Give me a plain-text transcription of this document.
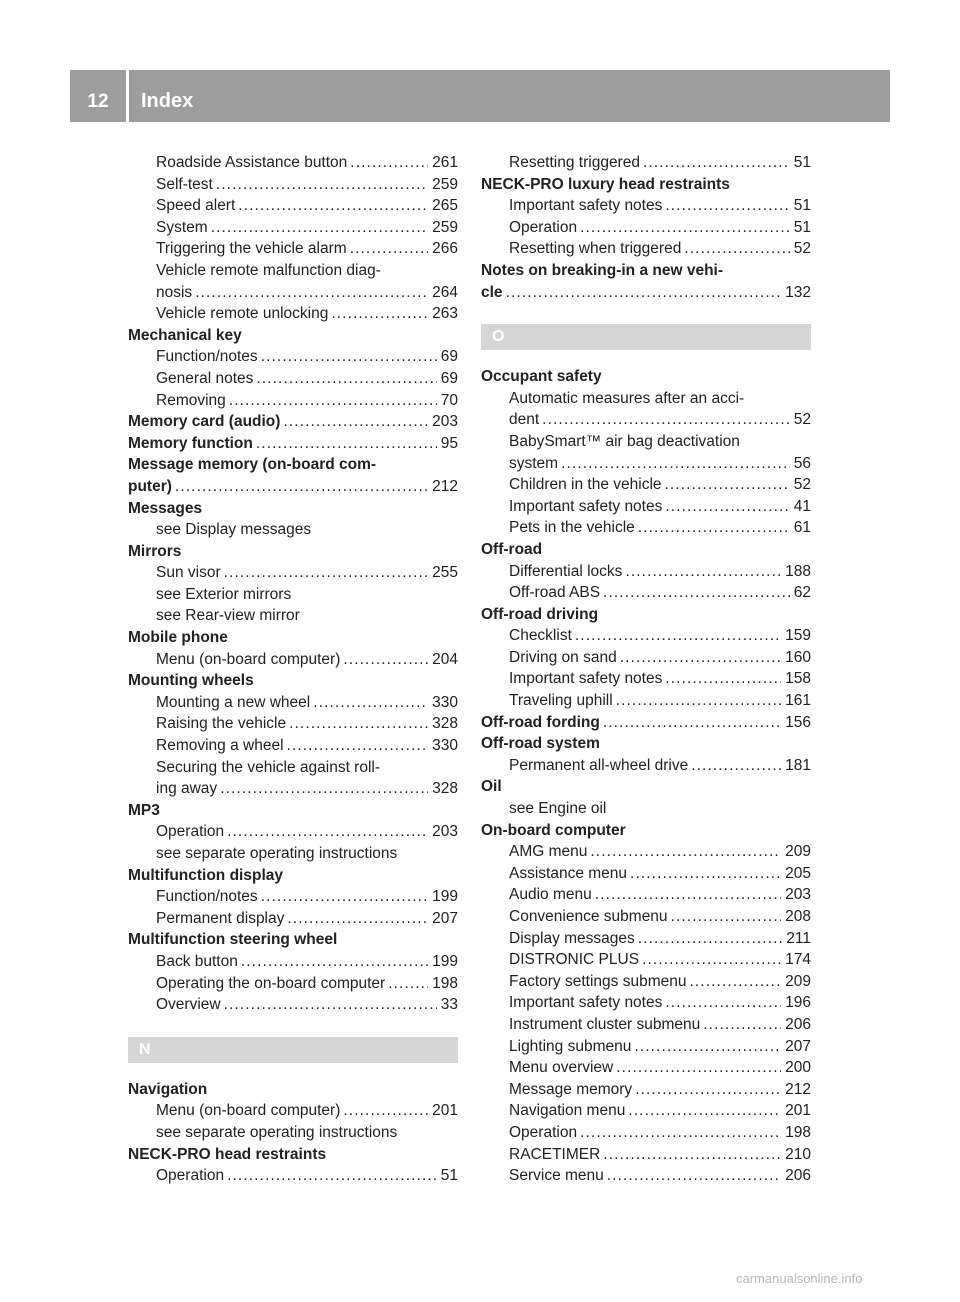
12	Index
Roadside Assistance button . . .	261
Self-test . . .	259
Speed alert . . .	265
System . . .	259
Triggering the vehicle alarm . . .	266
Vehicle remote malfunction diag-
nosis . . .	264
Vehicle remote unlocking . . .	263
Mechanical key
Function/notes . . .	69
General notes . . .	69
Removing . . .	70
Memory card (audio) . . .	203
Memory function . . .	95
Message memory (on-board com-
puter) . . .	212
Messages
see Display messages
Mirrors
Sun visor . . .	255
see Exterior mirrors
see Rear-view mirror
Mobile phone
Menu (on-board computer) . . .	204
Mounting wheels
Mounting a new wheel . . .	330
Raising the vehicle . . .	328
Removing a wheel . . .	330
Securing the vehicle against roll-
ing away . . .	328
MP3
Operation . . .	203
see separate operating instructions
Multifunction display
Function/notes . . .	199
Permanent display . . .	207
Multifunction steering wheel
Back button . . .	199
Operating the on-board computer . . .	198
Overview . . .	33
N
Navigation
Menu (on-board computer) . . .	201
see separate operating instructions
NECK-PRO head restraints
Operation . . .	51
Resetting triggered . . .	51
NECK-PRO luxury head restraints
Important safety notes . . .	51
Operation . . .	51
Resetting when triggered . . .	52
Notes on breaking-in a new vehi-
cle . . .	132
O
Occupant safety
Automatic measures after an acci-
dent . . .	52
BabySmart™ air bag deactivation
system . . .	56
Children in the vehicle . . .	52
Important safety notes . . .	41
Pets in the vehicle . . .	61
Off-road
Differential locks . . .	188
Off-road ABS . . .	62
Off-road driving
Checklist . . .	159
Driving on sand . . .	160
Important safety notes . . .	158
Traveling uphill . . .	161
Off-road fording . . .	156
Off-road system
Permanent all-wheel drive . . .	181
Oil
see Engine oil
On-board computer
AMG menu . . .	209
Assistance menu . . .	205
Audio menu . . .	203
Convenience submenu . . .	208
Display messages . . .	211
DISTRONIC PLUS . . .	174
Factory settings submenu . . .	209
Important safety notes . . .	196
Instrument cluster submenu . . .	206
Lighting submenu . . .	207
Menu overview . . .	200
Message memory . . .	212
Navigation menu . . .	201
Operation . . .	198
RACETIMER . . .	210
Service menu . . .	206
carmanualsonline.info
